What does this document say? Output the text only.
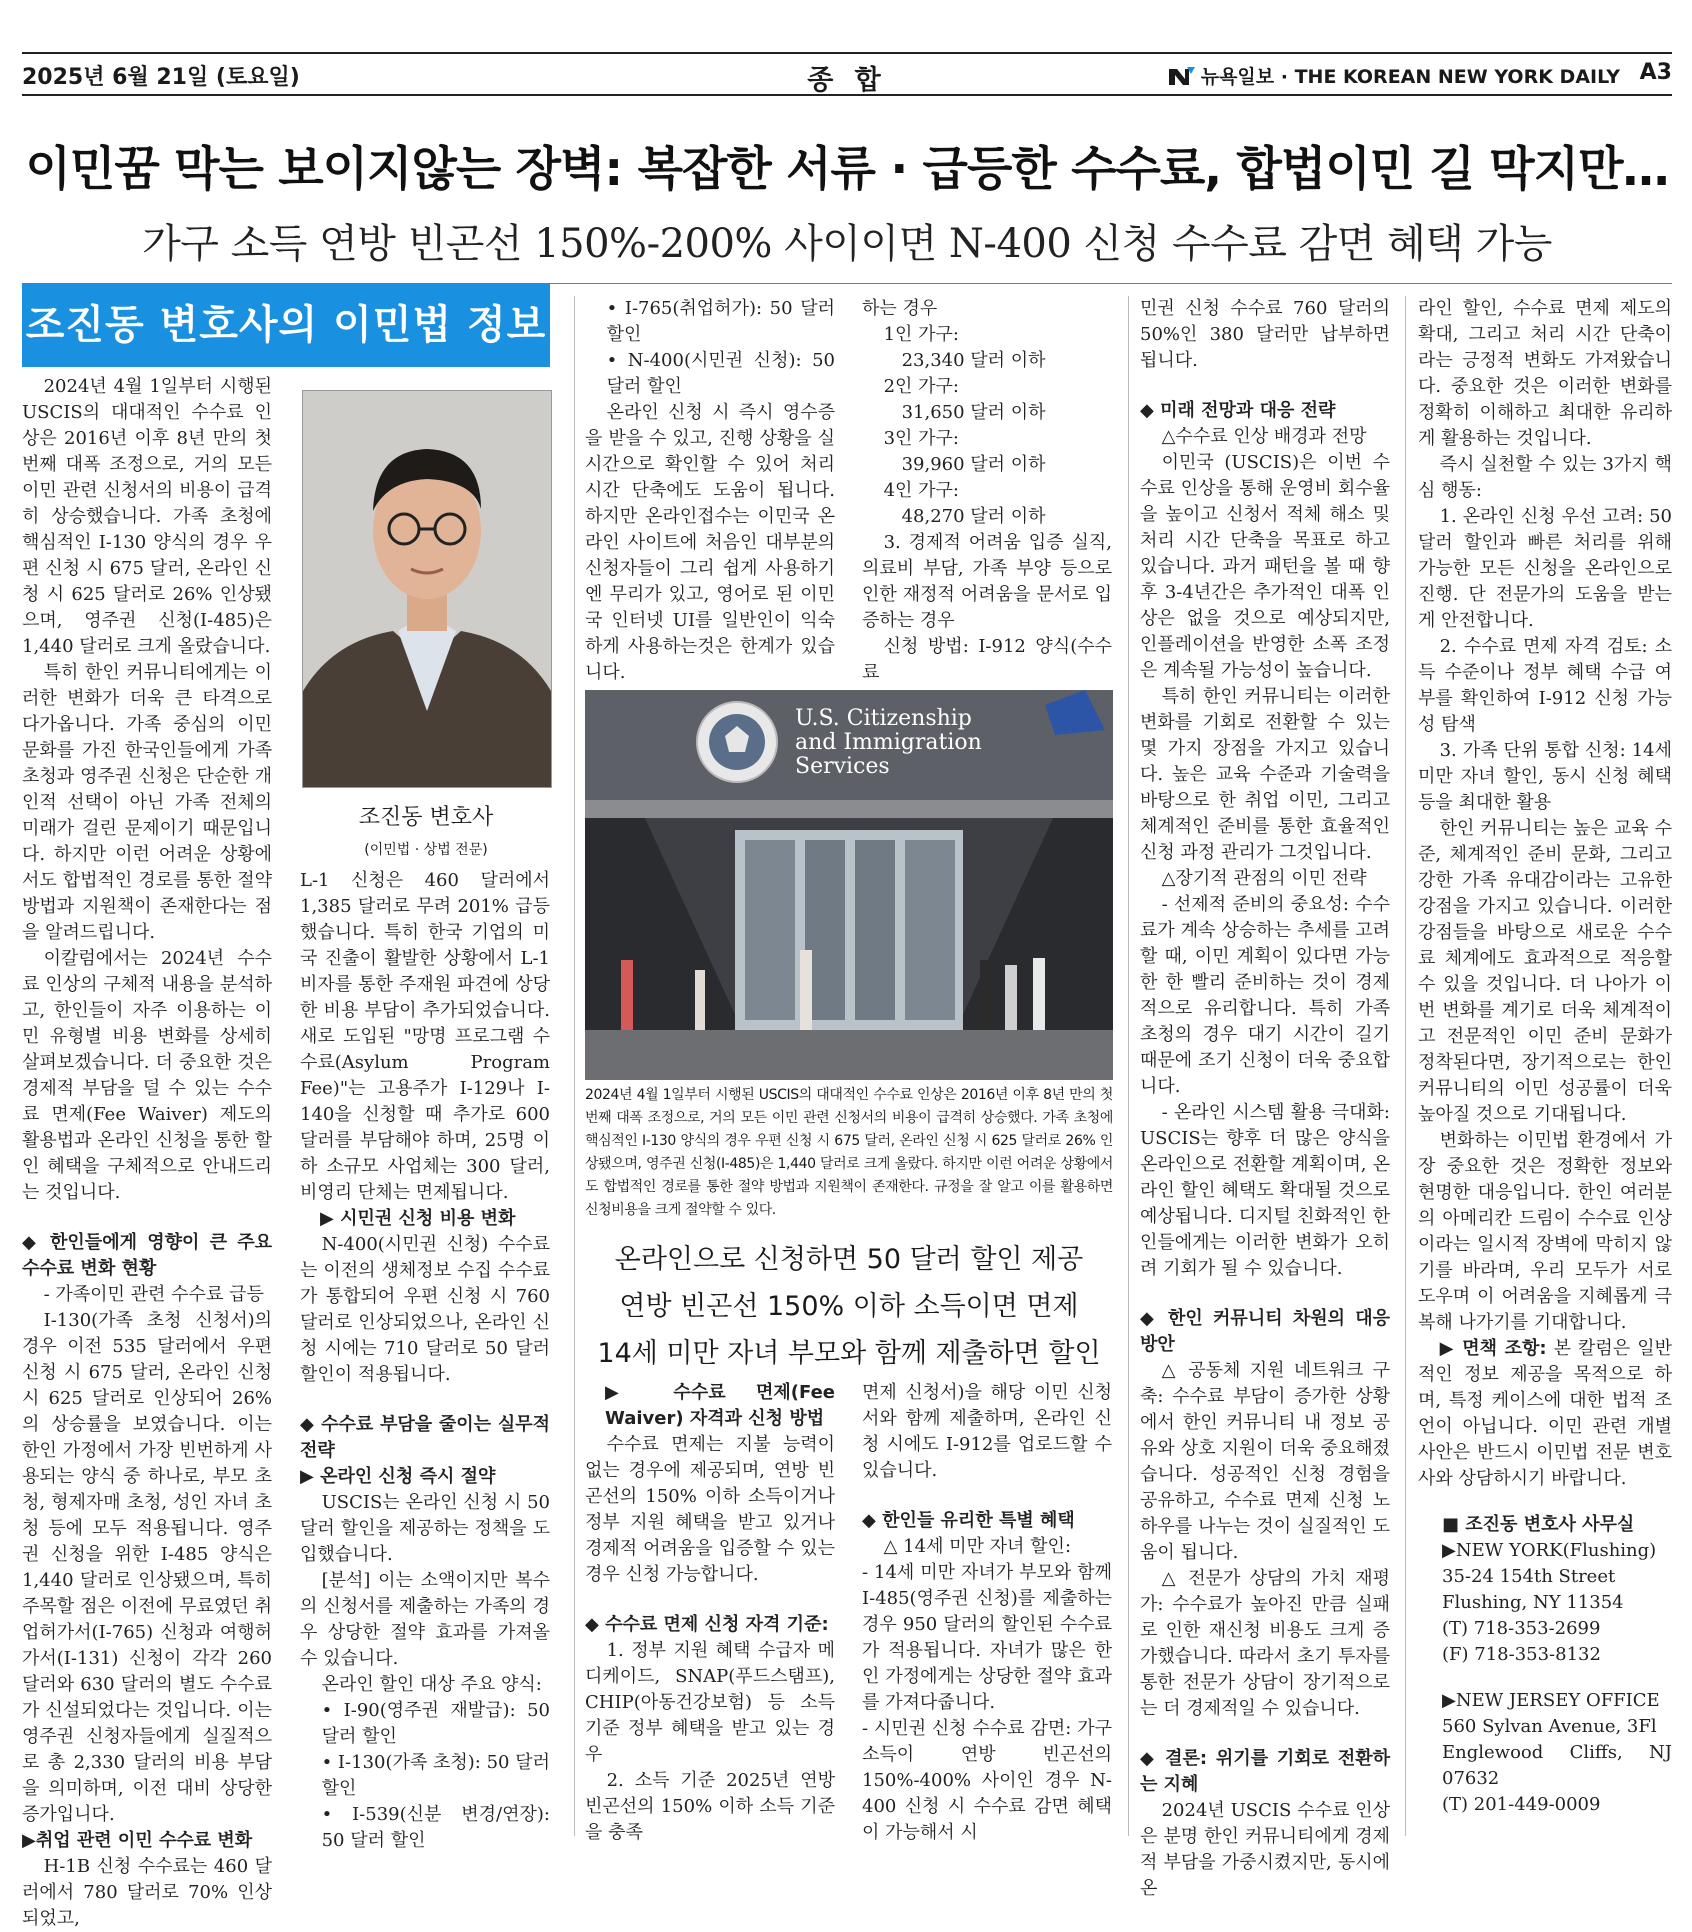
2025년 6월 21일 (토요일)	종 합	뉴욕일보 · THE KOREAN NEW YORK DAILY A3
이민꿈 막는 보이지않는 장벽: 복잡한 서류 · 급등한 수수료, 합법이민 길 막지만…
가구 소득 연방 빈곤선 150%-200% 사이이면 N-400 신청 수수료 감면 혜택 가능
조진동 변호사의 이민법 정보
조진동 변호사
(이민법 · 상법 전문)

2024년 4월 1일부터 시행된 USCIS의 대대적인 수수료 인상은 2016년 이후 8년 만의 첫 번째 대폭 조정으로, 거의 모든 이민 관련 신청서의 비용이 급격히 상승했습니다. 가족 초청에 핵심적인 I-130 양식의 경우 우편 신청 시 675 달러, 온라인 신청 시 625 달러로 26% 인상됐으며, 영주권 신청(I-485)은 1,440 달러로 크게 올랐습니다.

특히 한인 커뮤니티에게는 이러한 변화가 더욱 큰 타격으로 다가옵니다. 가족 중심의 이민 문화를 가진 한국인들에게 가족 초청과 영주권 신청은 단순한 개인적 선택이 아닌 가족 전체의 미래가 걸린 문제이기 때문입니다. 하지만 이런 어려운 상황에서도 합법적인 경로를 통한 절약 방법과 지원책이 존재한다는 점을 알려드립니다.

이칼럼에서는 2024년 수수료 인상의 구체적 내용을 분석하고, 한인들이 자주 이용하는 이민 유형별 비용 변화를 상세히 살펴보겠습니다. 더 중요한 것은 경제적 부담을 덜 수 있는 수수료 면제(Fee Waiver) 제도의 활용법과 온라인 신청을 통한 할인 혜택을 구체적으로 안내드리는 것입니다.

◆ 한인들에게 영향이 큰 주요 수수료 변화 현황

- 가족이민 관련 수수료 급등

I-130(가족 초청 신청서)의 경우 이전 535 달러에서 우편 신청 시 675 달러, 온라인 신청 시 625 달러로 인상되어 26%의 상승률을 보였습니다. 이는 한인 가정에서 가장 빈번하게 사용되는 양식 중 하나로, 부모 초청, 형제자매 초청, 성인 자녀 초청 등에 모두 적용됩니다. 영주권 신청을 위한 I-485 양식은 1,440 달러로 인상됐으며, 특히 주목할 점은 이전에 무료였던 취업허가서(I-765) 신청과 여행허가서(I-131) 신청이 각각 260 달러와 630 달러의 별도 수수료가 신설되었다는 것입니다. 이는 영주권 신청자들에게 실질적으로 총 2,330 달러의 비용 부담을 의미하며, 이전 대비 상당한 증가입니다.

▶취업 관련 이민 수수료 변화

H-1B 신청 수수료는 460 달러에서 780 달러로 70% 인상되었고,

L-1 신청은 460 달러에서 1,385 달러로 무려 201% 급등했습니다. 특히 한국 기업의 미국 진출이 활발한 상황에서 L-1 비자를 통한 주재원 파견에 상당한 비용 부담이 추가되었습니다. 새로 도입된 "망명 프로그램 수수료(Asylum Program Fee)"는 고용주가 I-129나 I-140을 신청할 때 추가로 600 달러를 부담해야 하며, 25명 이하 소규모 사업체는 300 달러, 비영리 단체는 면제됩니다.

▶ 시민권 신청 비용 변화

N-400(시민권 신청) 수수료는 이전의 생체정보 수집 수수료가 통합되어 우편 신청 시 760 달러로 인상되었으나, 온라인 신청 시에는 710 달러로 50 달러 할인이 적용됩니다.

◆ 수수료 부담을 줄이는 실무적 전략

▶ 온라인 신청 즉시 절약

USCIS는 온라인 신청 시 50 달러 할인을 제공하는 정책을 도입했습니다.

[분석] 이는 소액이지만 복수의 신청서를 제출하는 가족의 경우 상당한 절약 효과를 가져올 수 있습니다.

온라인 할인 대상 주요 양식:

• I-90(영주권 재발급): 50 달러 할인

• I-130(가족 초청): 50 달러 할인

• I-539(신분 변경/연장): 50 달러 할인

• I-765(취업허가): 50 달러 할인

• N-400(시민권 신청): 50 달러 할인

온라인 신청 시 즉시 영수증을 받을 수 있고, 진행 상황을 실시간으로 확인할 수 있어 처리 시간 단축에도 도움이 됩니다. 하지만 온라인접수는 이민국 온라인 사이트에 처음인 대부분의 신청자들이 그리 쉽게 사용하기엔 무리가 있고, 영어로 된 이민국 인터넷 UI를 일반인이 익숙하게 사용하는것은 한계가 있습니다.

하는 경우

1인 가구:

23,340 달러 이하

2인 가구:

31,650 달러 이하

3인 가구:

39,960 달러 이하

4인 가구:

48,270 달러 이하

3. 경제적 어려움 입증 실직, 의료비 부담, 가족 부양 등으로 인한 재정적 어려움을 문서로 입증하는 경우

신청 방법: I-912 양식(수수료

U.S. Citizenship
and Immigration
Services
2024년 4월 1일부터 시행된 USCIS의 대대적인 수수료 인상은 2016년 이후 8년 만의 첫 번째 대폭 조정으로, 거의 모든 이민 관련 신청서의 비용이 급격히 상승했다. 가족 초청에 핵심적인 I-130 양식의 경우 우편 신청 시 675 달러, 온라인 신청 시 625 달러로 26% 인상됐으며, 영주권 신청(I-485)은 1,440 달러로 크게 올랐다. 하지만 이런 어려운 상황에서도 합법적인 경로를 통한 절약 방법과 지원책이 존재한다. 규정을 잘 알고 이를 활용하면 신청비용을 크게 절약할 수 있다.
온라인으로 신청하면 50 달러 할인 제공
연방 빈곤선 150% 이하 소득이면 면제
14세 미만 자녀 부모와 함께 제출하면 할인

▶ 수수료 면제(Fee Waiver) 자격과 신청 방법

수수료 면제는 지불 능력이 없는 경우에 제공되며, 연방 빈곤선의 150% 이하 소득이거나 정부 지원 혜택을 받고 있거나 경제적 어려움을 입증할 수 있는 경우 신청 가능합니다.

◆ 수수료 면제 신청 자격 기준:

1. 정부 지원 혜택 수급자 메디케이드, SNAP(푸드스탬프), CHIP(아동건강보험) 등 소득 기준 정부 혜택을 받고 있는 경우

2. 소득 기준 2025년 연방 빈곤선의 150% 이하 소득 기준을 충족

면제 신청서)을 해당 이민 신청서와 함께 제출하며, 온라인 신청 시에도 I-912를 업로드할 수 있습니다.

◆ 한인들 유리한 특별 혜택

△ 14세 미만 자녀 할인:

- 14세 미만 자녀가 부모와 함께 I-485(영주권 신청)를 제출하는 경우 950 달러의 할인된 수수료가 적용됩니다. 자녀가 많은 한인 가정에게는 상당한 절약 효과를 가져다줍니다.

- 시민권 신청 수수료 감면: 가구 소득이 연방 빈곤선의 150%-400% 사이인 경우 N-400 신청 시 수수료 감면 혜택이 가능해서 시

민권 신청 수수료 760 달러의 50%인 380 달러만 납부하면 됩니다.

◆ 미래 전망과 대응 전략

△수수료 인상 배경과 전망

이민국 (USCIS)은 이번 수수료 인상을 통해 운영비 회수율을 높이고 신청서 적체 해소 및 처리 시간 단축을 목표로 하고 있습니다. 과거 패턴을 볼 때 향후 3-4년간은 추가적인 대폭 인상은 없을 것으로 예상되지만, 인플레이션을 반영한 소폭 조정은 계속될 가능성이 높습니다.

특히 한인 커뮤니티는 이러한 변화를 기회로 전환할 수 있는 몇 가지 장점을 가지고 있습니다. 높은 교육 수준과 기술력을 바탕으로 한 취업 이민, 그리고 체계적인 준비를 통한 효율적인 신청 과정 관리가 그것입니다.

△장기적 관점의 이민 전략

- 선제적 준비의 중요성: 수수료가 계속 상승하는 추세를 고려할 때, 이민 계획이 있다면 가능한 한 빨리 준비하는 것이 경제적으로 유리합니다. 특히 가족 초청의 경우 대기 시간이 길기 때문에 조기 신청이 더욱 중요합니다.

- 온라인 시스템 활용 극대화: USCIS는 향후 더 많은 양식을 온라인으로 전환할 계획이며, 온라인 할인 혜택도 확대될 것으로 예상됩니다. 디지털 친화적인 한인들에게는 이러한 변화가 오히려 기회가 될 수 있습니다.

◆ 한인 커뮤니티 차원의 대응 방안

△ 공동체 지원 네트워크 구축: 수수료 부담이 증가한 상황에서 한인 커뮤니티 내 정보 공유와 상호 지원이 더욱 중요해졌습니다. 성공적인 신청 경험을 공유하고, 수수료 면제 신청 노하우를 나누는 것이 실질적인 도움이 됩니다.

△ 전문가 상담의 가치 재평가: 수수료가 높아진 만큼 실패로 인한 재신청 비용도 크게 증가했습니다. 따라서 초기 투자를 통한 전문가 상담이 장기적으로는 더 경제적일 수 있습니다.

◆ 결론: 위기를 기회로 전환하는 지혜

2024년 USCIS 수수료 인상은 분명 한인 커뮤니티에게 경제적 부담을 가중시켰지만, 동시에 온

라인 할인, 수수료 면제 제도의 확대, 그리고 처리 시간 단축이라는 긍정적 변화도 가져왔습니다. 중요한 것은 이러한 변화를 정확히 이해하고 최대한 유리하게 활용하는 것입니다.

즉시 실천할 수 있는 3가지 핵심 행동:

1. 온라인 신청 우선 고려: 50 달러 할인과 빠른 처리를 위해 가능한 모든 신청을 온라인으로 진행. 단 전문가의 도움을 받는게 안전합니다.

2. 수수료 면제 자격 검토: 소득 수준이나 정부 혜택 수급 여부를 확인하여 I-912 신청 가능성 탐색

3. 가족 단위 통합 신청: 14세 미만 자녀 할인, 동시 신청 혜택 등을 최대한 활용

한인 커뮤니티는 높은 교육 수준, 체계적인 준비 문화, 그리고 강한 가족 유대감이라는 고유한 강점을 가지고 있습니다. 이러한 강점들을 바탕으로 새로운 수수료 체계에도 효과적으로 적응할 수 있을 것입니다. 더 나아가 이번 변화를 계기로 더욱 체계적이고 전문적인 이민 준비 문화가 정착된다면, 장기적으로는 한인 커뮤니티의 이민 성공률이 더욱 높아질 것으로 기대됩니다.

변화하는 이민법 환경에서 가장 중요한 것은 정확한 정보와 현명한 대응입니다. 한인 여러분의 아메리칸 드림이 수수료 인상이라는 일시적 장벽에 막히지 않기를 바라며, 우리 모두가 서로 도우며 이 어려움을 지혜롭게 극복해 나가기를 기대합니다.

▶ 면책 조항: 본 칼럼은 일반적인 정보 제공을 목적으로 하며, 특정 케이스에 대한 법적 조언이 아닙니다. 이민 관련 개별 사안은 반드시 이민법 전문 변호사와 상담하시기 바랍니다.

■ 조진동 변호사 사무실
▶NEW YORK(Flushing)
35-24 154th Street
Flushing, NY 11354
(T) 718-353-2699
(F) 718-353-8132
▶NEW JERSEY OFFICE
560 Sylvan Avenue, 3Fl
Englewood Cliffs, NJ 07632
(T) 201-449-0009
